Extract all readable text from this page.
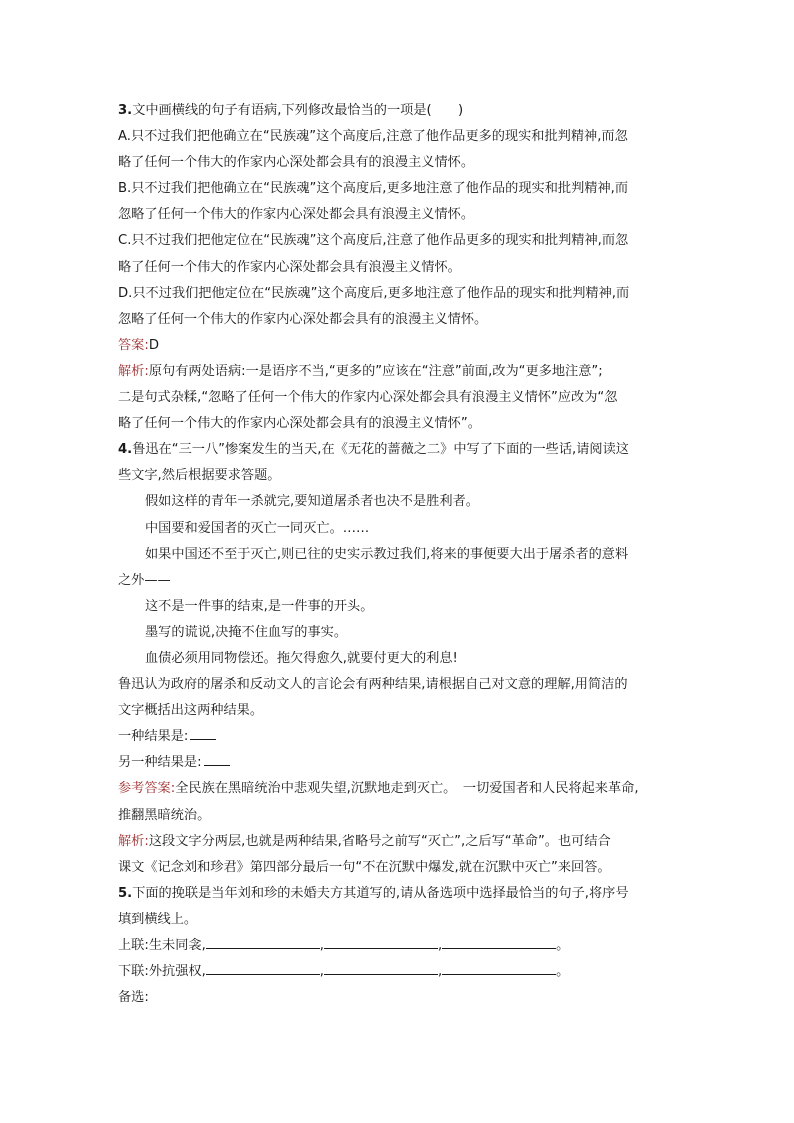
3.文中画横线的句子有语病,下列修改最恰当的一项是(　　)
A.只不过我们把他确立在“民族魂”这个高度后,注意了他作品更多的现实和批判精神,而忽
略了任何一个伟大的作家内心深处都会具有的浪漫主义情怀。
B.只不过我们把他确立在“民族魂”这个高度后,更多地注意了他作品的现实和批判精神,而
忽略了任何一个伟大的作家内心深处都会具有浪漫主义情怀。
C.只不过我们把他定位在“民族魂”这个高度后,注意了他作品更多的现实和批判精神,而忽
略了任何一个伟大的作家内心深处都会具有浪漫主义情怀。
D.只不过我们把他定位在“民族魂”这个高度后,更多地注意了他作品的现实和批判精神,而
忽略了任何一个伟大的作家内心深处都会具有的浪漫主义情怀。
答案:D
解析:原句有两处语病:一是语序不当,“更多的”应该在“注意”前面,改为“更多地注意”;
二是句式杂糅,“忽略了任何一个伟大的作家内心深处都会具有浪漫主义情怀”应改为“忽
略了任何一个伟大的作家内心深处都会具有的浪漫主义情怀”。
4.鲁迅在“三一八”惨案发生的当天,在《无花的蔷薇之二》中写了下面的一些话,请阅读这
些文字,然后根据要求答题。
假如这样的青年一杀就完,要知道屠杀者也决不是胜利者。
中国要和爱国者的灭亡一同灭亡。……
如果中国还不至于灭亡,则已往的史实示教过我们,将来的事便要大出于屠杀者的意料
之外——
这不是一件事的结束,是一件事的开头。
墨写的谎说,决掩不住血写的事实。
血债必须用同物偿还。拖欠得愈久,就要付更大的利息!
鲁迅认为政府的屠杀和反动文人的言论会有两种结果,请根据自己对文意的理解,用简洁的
文字概括出这两种结果。
一种结果是:
另一种结果是:
参考答案:全民族在黑暗统治中悲观失望,沉默地走到灭亡。　一切爱国者和人民将起来革命,
推翻黑暗统治。
解析:这段文字分两层,也就是两种结果,省略号之前写“灭亡”,之后写“革命”。也可结合
课文《记念刘和珍君》第四部分最后一句“不在沉默中爆发,就在沉默中灭亡”来回答。
5.下面的挽联是当年刘和珍的未婚夫方其道写的,请从备选项中选择最恰当的句子,将序号
填到横线上。
上联:生未同衾,	,	,	。
下联:外抗强权,	,	,	。
备选:
